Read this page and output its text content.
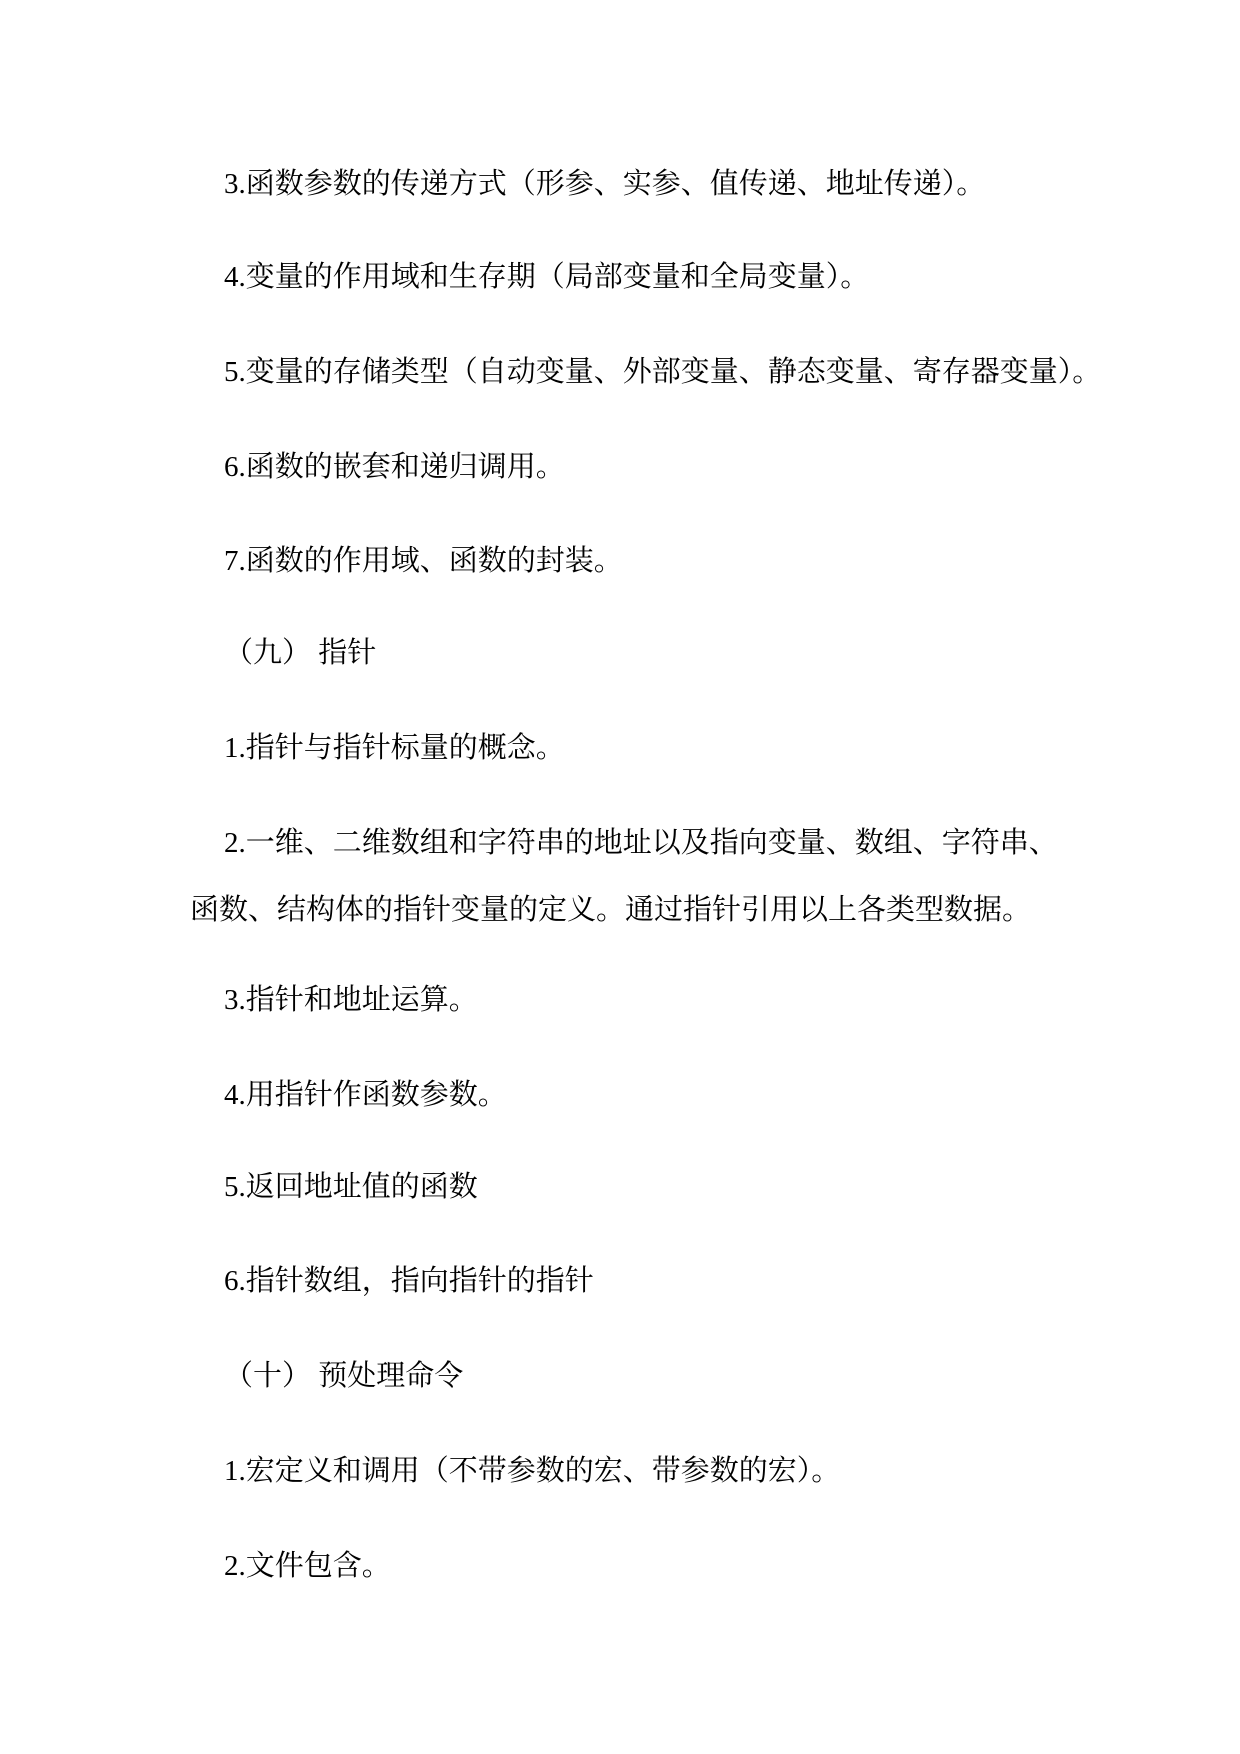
3.函数参数的传递方式（形参、实参、值传递、地址传递）。
4.变量的作用域和生存期（局部变量和全局变量）。
5.变量的存储类型（自动变量、外部变量、静态变量、寄存器变量）。
6.函数的嵌套和递归调用。
7.函数的作用域、函数的封装。
（九） 指针
1.指针与指针标量的概念。
2.一维、二维数组和字符串的地址以及指向变量、数组、字符串、
函数、结构体的指针变量的定义。通过指针引用以上各类型数据。
3.指针和地址运算。
4.用指针作函数参数。
5.返回地址值的函数
6.指针数组，指向指针的指针
（十） 预处理命令
1.宏定义和调用（不带参数的宏、带参数的宏）。
2.文件包含。
